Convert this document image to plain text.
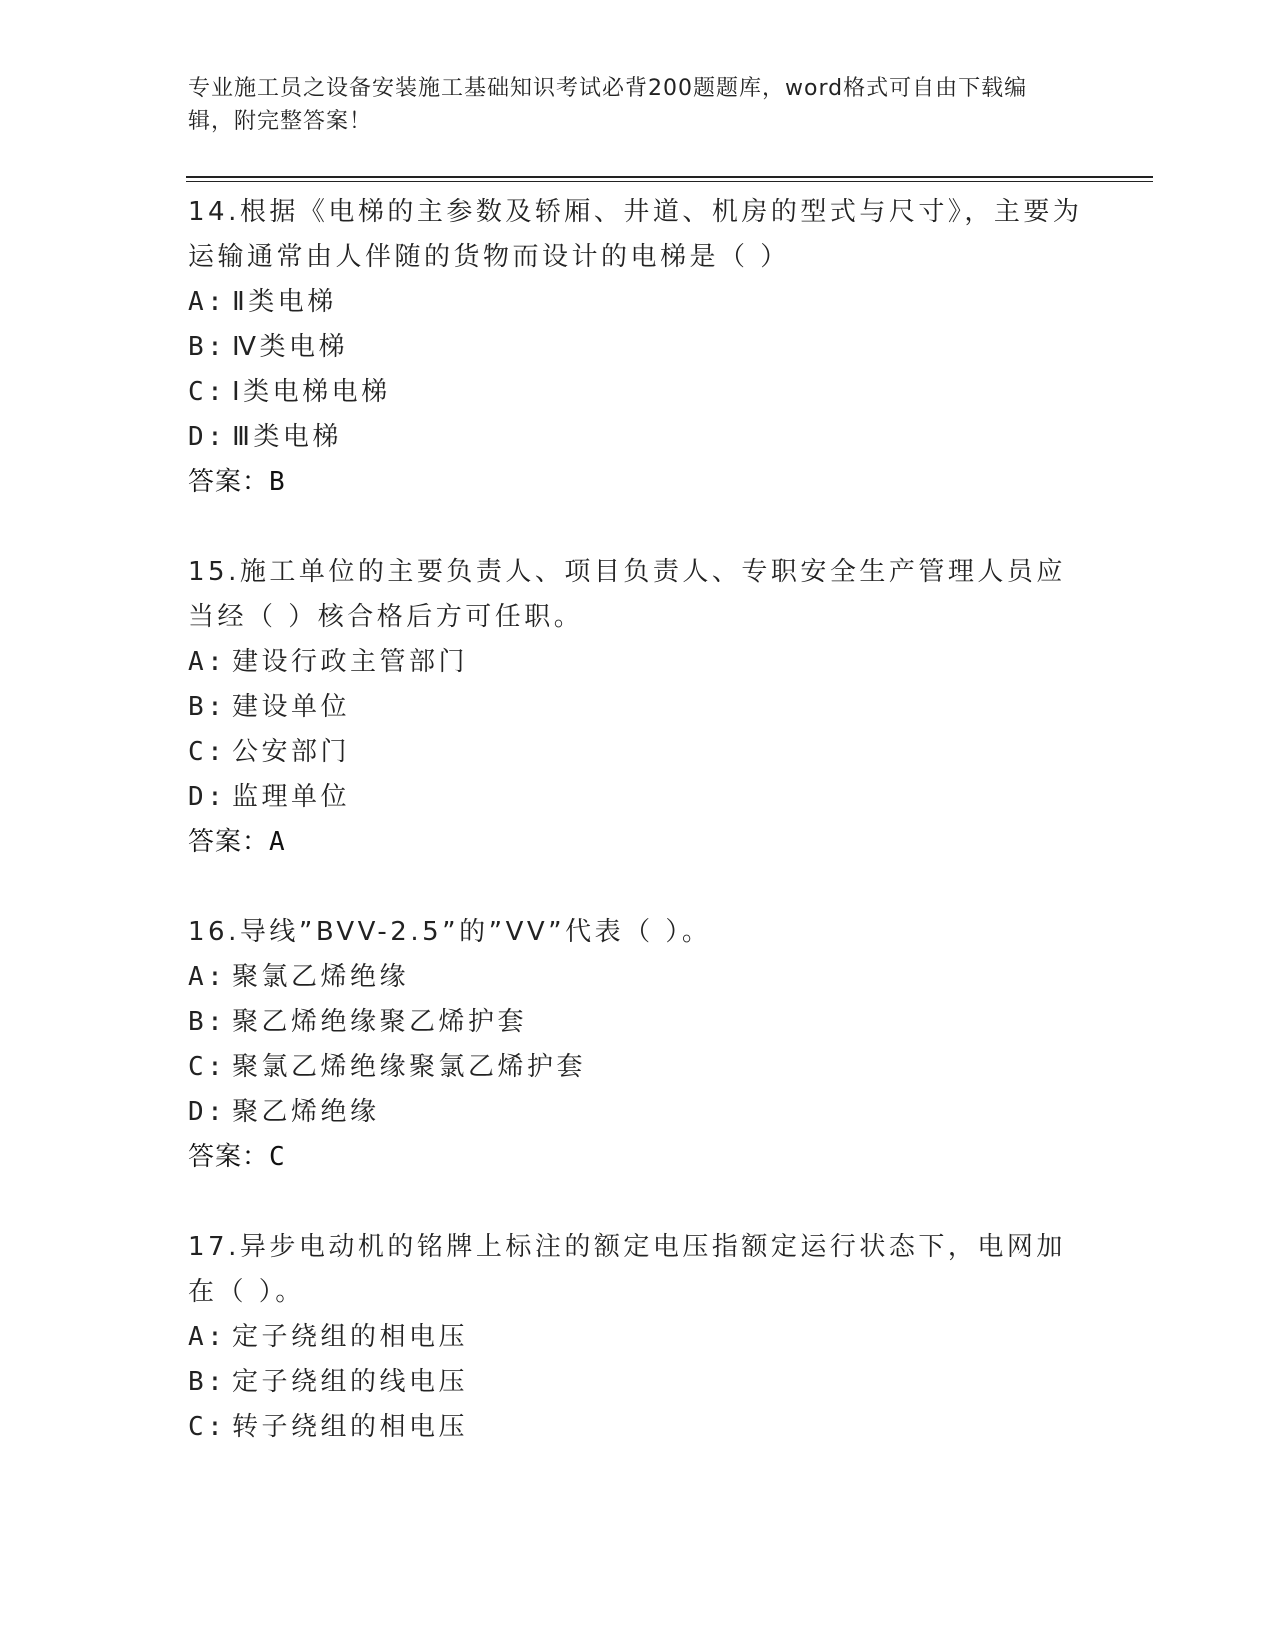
专业施工员之设备安装施工基础知识考试必背200题题库，word格式可自由下载编辑，附完整答案！
14.根据《电梯的主参数及轿厢、井道、机房的型式与尺寸》，主要为运输通常由人伴随的货物而设计的电梯是（ ）
A: Ⅱ类电梯
B: Ⅳ类电梯
C: Ⅰ类电梯电梯
D: Ⅲ类电梯
答案：B
15.施工单位的主要负责人、项目负责人、专职安全生产管理人员应当经（ ）核合格后方可任职。
A: 建设行政主管部门
B: 建设单位
C: 公安部门
D: 监理单位
答案：A
16.导线”BVV-2.5”的”VV”代表（ ）。
A: 聚氯乙烯绝缘
B: 聚乙烯绝缘聚乙烯护套
C: 聚氯乙烯绝缘聚氯乙烯护套
D: 聚乙烯绝缘
答案：C
17.异步电动机的铭牌上标注的额定电压指额定运行状态下，电网加在（ ）。
A: 定子绕组的相电压
B: 定子绕组的线电压
C: 转子绕组的相电压
